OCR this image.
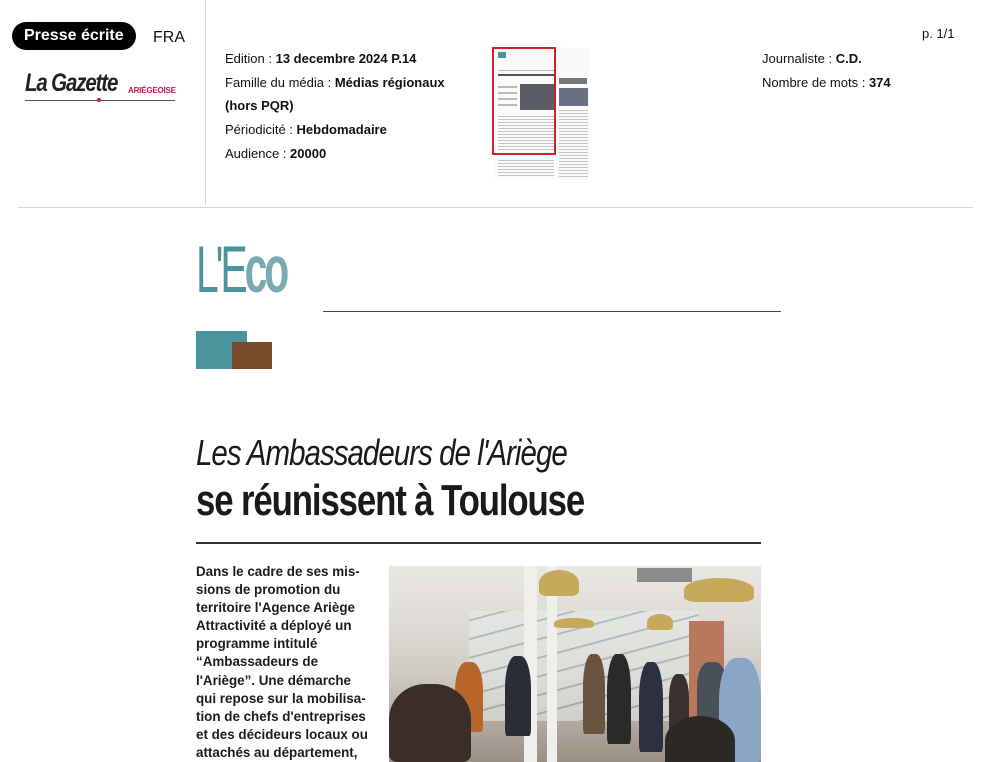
Presse écrite	FRA
La Gazette ARIÉGEOISE
Edition : 13 decembre 2024 P.14
Famille du média : Médias régionaux
(hors PQR)
Périodicité : Hebdomadaire
Audience : 20000
Journaliste : C.D.
Nombre de mots : 374
p. 1/1
L'Eco
Les Ambassadeurs de l'Ariège
se réunissent à Toulouse
Dans le cadre de ses mis-
sions de promotion du
territoire l'Agence Ariège
Attractivité a déployé un
programme intitulé
“Ambassadeurs de
l'Ariège”. Une démarche
qui repose sur la mobilisa-
tion de chefs d'entreprises
et des décideurs locaux ou
attachés au département,
